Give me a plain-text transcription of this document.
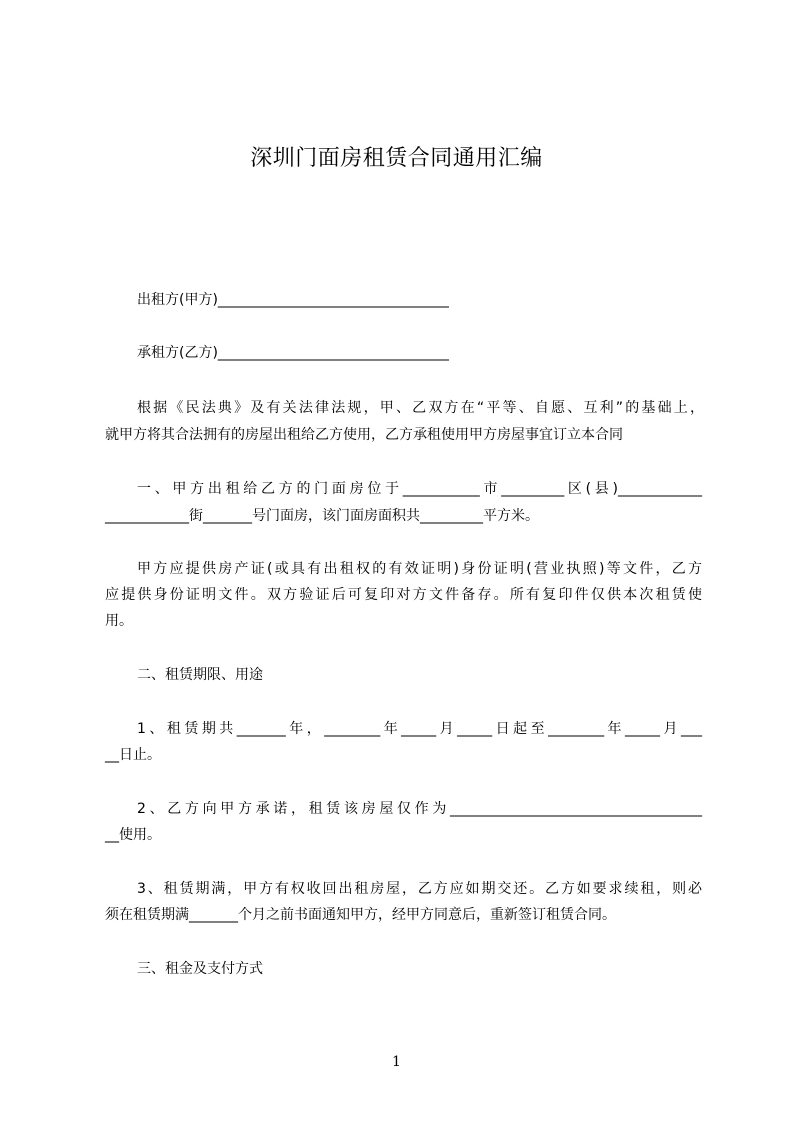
深圳门面房租赁合同通用汇编
出租方(甲方)_________________________________
承租方(乙方)_________________________________
根据《民法典》及有关法律法规，甲、乙双方在“平等、自愿、互利”的基础上，
就甲方将其合法拥有的房屋出租给乙方使用，乙方承租使用甲方房屋事宜订立本合同
一、甲方出租给乙方的门面房位于___________市_________区(县)____________
____________街_______号门面房，该门面房面积共_________平方米。
甲方应提供房产证(或具有出租权的有效证明)身份证明(营业执照)等文件，乙方
应提供身份证明文件。双方验证后可复印对方文件备存。所有复印件仅供本次租赁使
用。
二、租赁期限、用途
1、租赁期共_______年，________年_____月_____日起至________年_____月___
__日止。
2、乙方向甲方承诺，租赁该房屋仅作为____________________________________
__使用。
3、租赁期满，甲方有权收回出租房屋，乙方应如期交还。乙方如要求续租，则必
须在租赁期满_______个月之前书面通知甲方，经甲方同意后，重新签订租赁合同。
三、租金及支付方式
1
